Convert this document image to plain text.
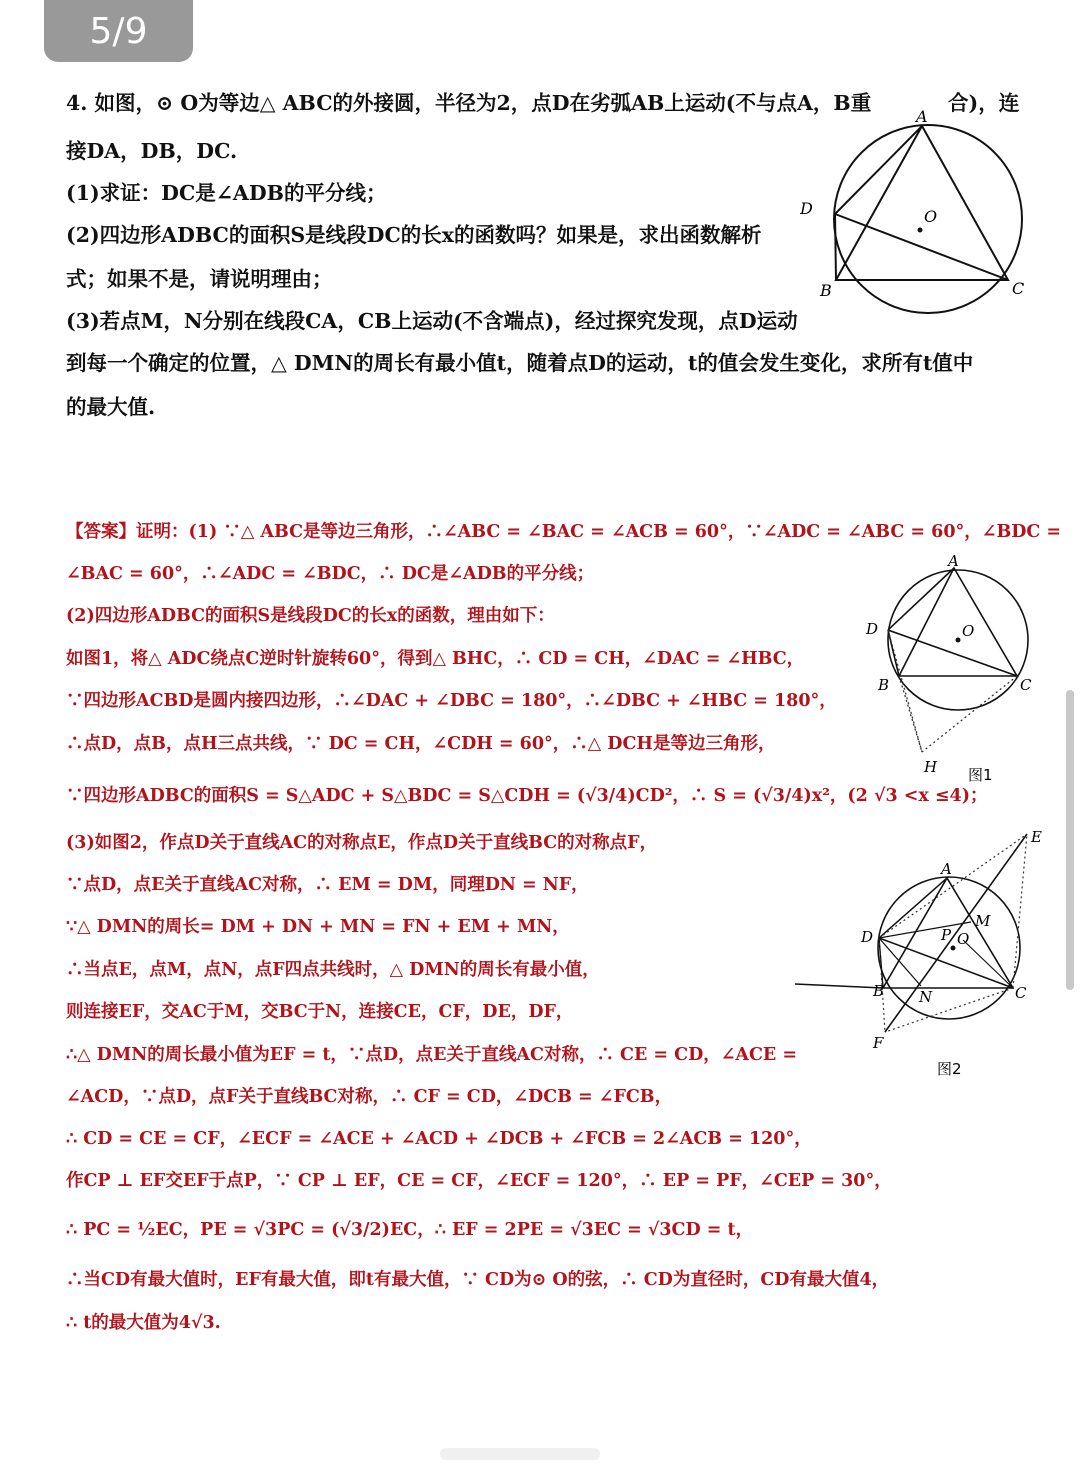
5/9
4. 如图，⊙ O为等边△ ABC的外接圆，半径为2，点D在劣弧AB上运动(不与点A，B重	合)，连
接DA，DB，DC.
(1)求证：DC是∠ADB的平分线；
(2)四边形ADBC的面积S是线段DC的长x的函数吗？如果是，求出函数解析
式；如果不是，请说明理由；
(3)若点M，N分别在线段CA，CB上运动(不含端点)，经过探究发现，点D运动
到每一个确定的位置，△ DMN的周长有最小值t，随着点D的运动，t的值会发生变化，求所有t值中
的最大值.
A
D	O
B	C
【答案】证明：(1) ∵△ ABC是等边三角形，∴∠ABC = ∠BAC = ∠ACB = 60°，∵∠ADC = ∠ABC = 60°，∠BDC =
∠BAC = 60°，∴∠ADC = ∠BDC，∴ DC是∠ADB的平分线；
(2)四边形ADBC的面积S是线段DC的长x的函数，理由如下：
如图1，将△ ADC绕点C逆时针旋转60°，得到△ BHC，∴ CD = CH，∠DAC = ∠HBC，
∵四边形ACBD是圆内接四边形，∴∠DAC + ∠DBC = 180°，∴∠DBC + ∠HBC = 180°，
∴点D，点B，点H三点共线，∵ DC = CH，∠CDH = 60°，∴△ DCH是等边三角形，
∵四边形ADBC的面积S = S△ADC + S△BDC = S△CDH = (√3/4)CD²，∴ S = (√3/4)x²，(2 √3 <x ≤4)；
(3)如图2，作点D关于直线AC的对称点E，作点D关于直线BC的对称点F，
∵点D，点E关于直线AC对称，∴ EM = DM，同理DN = NF，
∵△ DMN的周长= DM + DN + MN = FN + EM + MN，
∴当点E，点M，点N，点F四点共线时，△ DMN的周长有最小值，
则连接EF，交AC于M，交BC于N，连接CE，CF，DE，DF，
∴△ DMN的周长最小值为EF = t，∵点D，点E关于直线AC对称，∴ CE = CD，∠ACE =
∠ACD，∵点D，点F关于直线BC对称，∴ CF = CD，∠DCB = ∠FCB，
∴ CD = CE = CF，∠ECF = ∠ACE + ∠ACD + ∠DCB + ∠FCB = 2∠ACB = 120°，
作CP ⊥ EF交EF于点P，∵ CP ⊥ EF，CE = CF，∠ECF = 120°，∴ EP = PF，∠CEP = 30°，
∴ PC = ½EC，PE = √3PC = (√3/2)EC，∴ EF = 2PE = √3EC = √3CD = t，
∴当CD有最大值时，EF有最大值，即t有最大值，∵ CD为⊙ O的弦，∴ CD为直径时，CD有最大值4，
∴ t的最大值为4√3.
A
D	O
B	C
H 图1
E
A
M
D	P O
B N	C
F
图2
